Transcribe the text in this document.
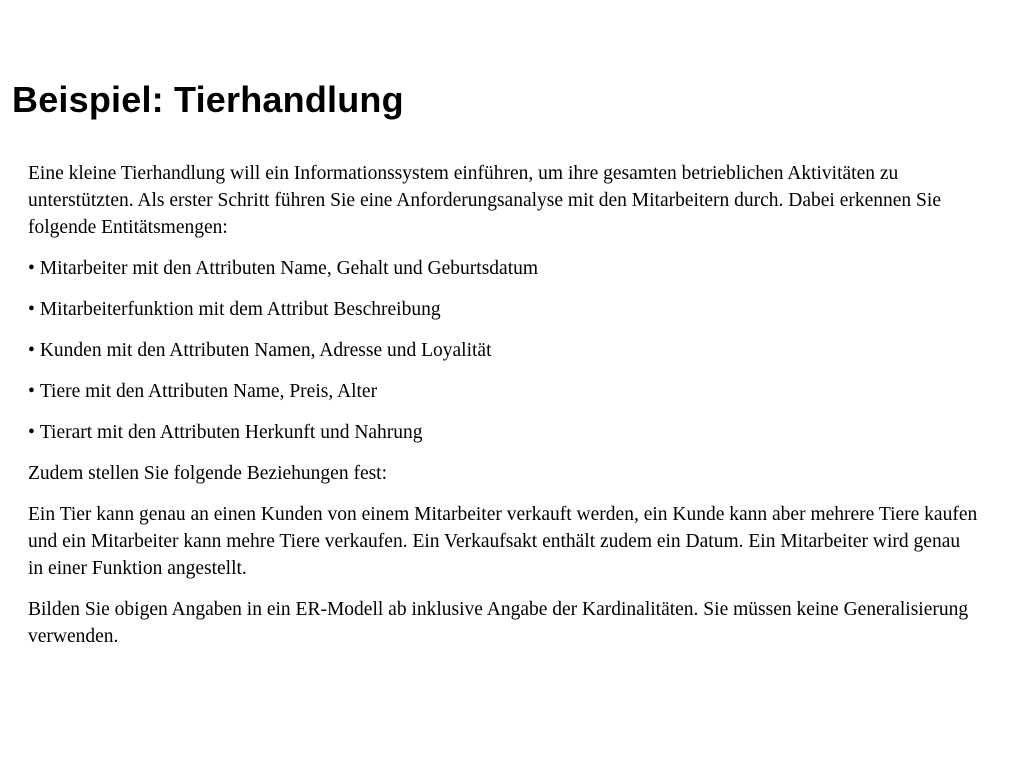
Beispiel: Tierhandlung

Eine kleine Tierhandlung will ein Informationssystem einführen, um ihre gesamten betrieblichen Aktivitäten zu unterstützten. Als erster Schritt führen Sie eine Anforderungsanalyse mit den Mitarbeitern durch. Dabei erkennen Sie folgende Entitätsmengen:

• Mitarbeiter mit den Attributen Name, Gehalt und Geburtsdatum
• Mitarbeiterfunktion mit dem Attribut Beschreibung
• Kunden mit den Attributen Namen, Adresse und Loyalität
• Tiere mit den Attributen Name, Preis, Alter
• Tierart mit den Attributen Herkunft und Nahrung

Zudem stellen Sie folgende Beziehungen fest:

Ein Tier kann genau an einen Kunden von einem Mitarbeiter verkauft werden, ein Kunde kann aber mehrere Tiere kaufen und ein Mitarbeiter kann mehre Tiere verkaufen. Ein Verkaufsakt enthält zudem ein Datum. Ein Mitarbeiter wird genau in einer Funktion angestellt.

Bilden Sie obigen Angaben in ein ER-Modell ab inklusive Angabe der Kardinalitäten. Sie müssen keine Generalisierung verwenden.
